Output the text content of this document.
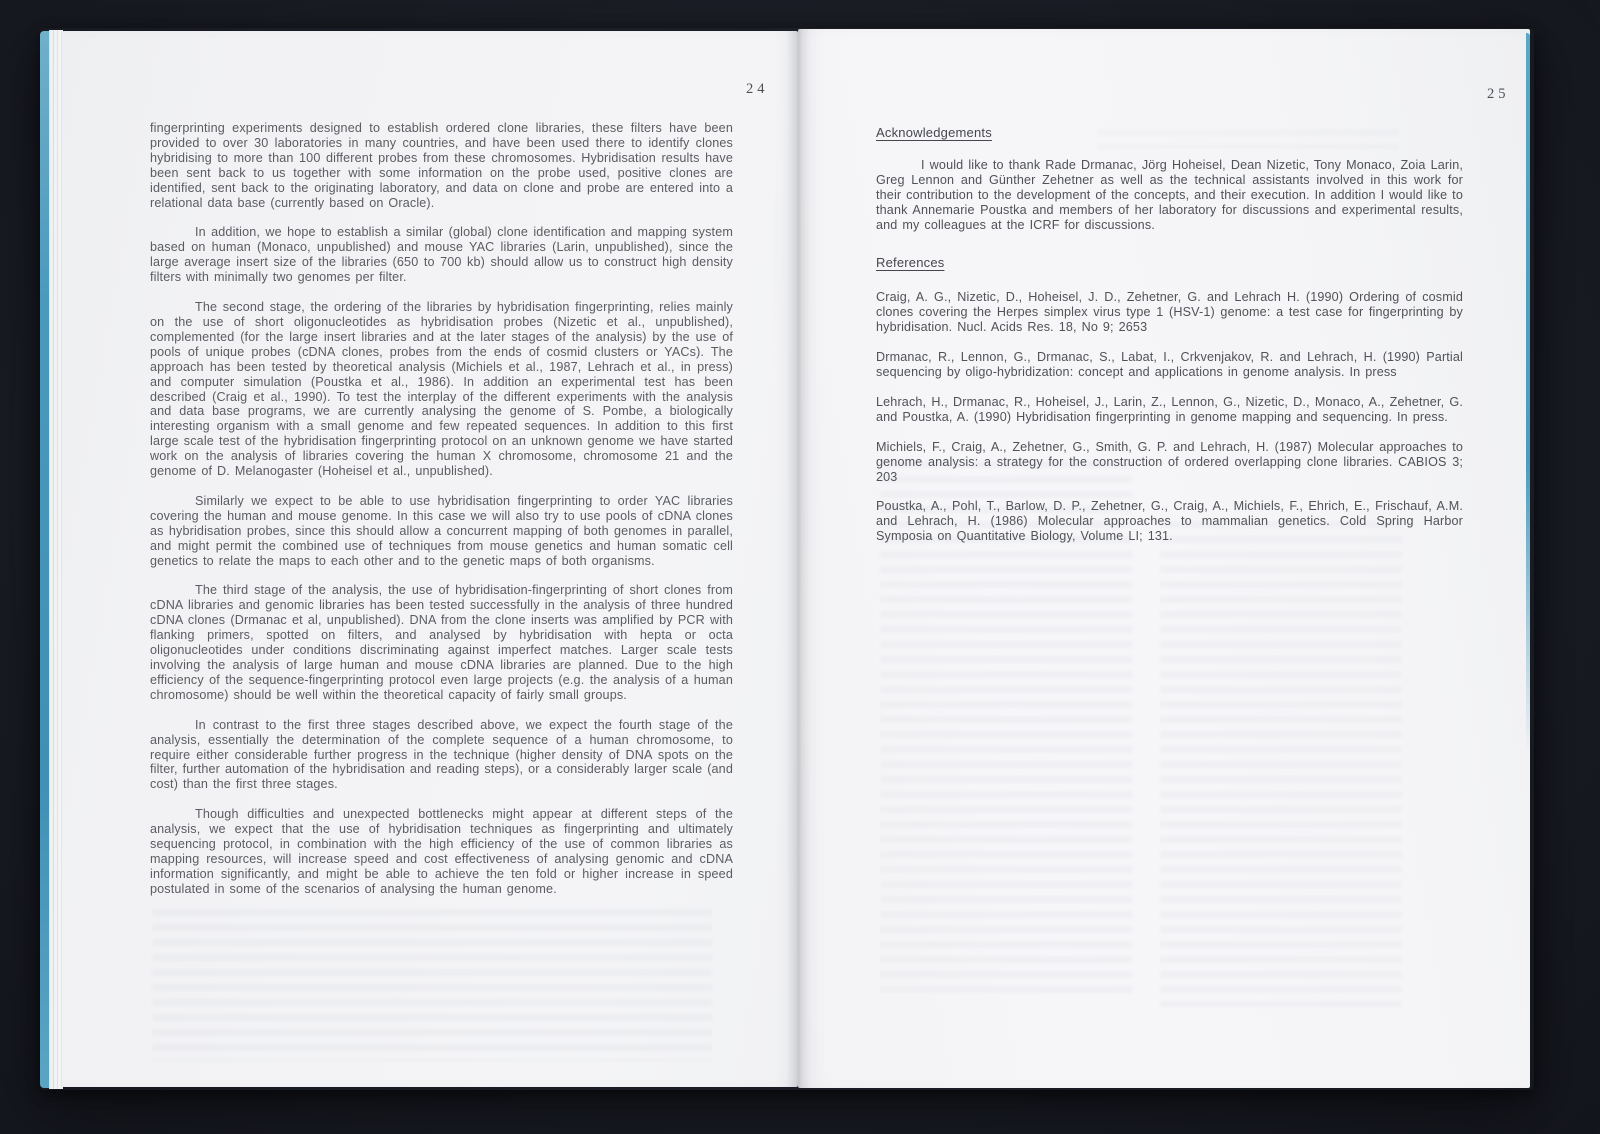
24

fingerprinting experiments designed to establish ordered clone libraries, these filters have been provided to over 30 laboratories in many countries, and have been used there to identify clones hybridising to more than 100 different probes from these chromosomes. Hybridisation results have been sent back to us together with some information on the probe used, positive clones are identified, sent back to the originating laboratory, and data on clone and probe are entered into a relational data base (currently based on Oracle).

In addition, we hope to establish a similar (global) clone identification and mapping system based on human (Monaco, unpublished) and mouse YAC libraries (Larin, unpublished), since the large average insert size of the libraries (650 to 700 kb) should allow us to construct high density filters with minimally two genomes per filter.

The second stage, the ordering of the libraries by hybridisation fingerprinting, relies mainly on the use of short oligonucleotides as hybridisation probes (Nizetic et al., unpublished), complemented (for the large insert libraries and at the later stages of the analysis) by the use of pools of unique probes (cDNA clones, probes from the ends of cosmid clusters or YACs). The approach has been tested by theoretical analysis (Michiels et al., 1987, Lehrach et al., in press) and computer simulation (Poustka et al., 1986). In addition an experimental test has been described (Craig et al., 1990). To test the interplay of the different experiments with the analysis and data base programs, we are currently analysing the genome of S. Pombe, a biologically interesting organism with a small genome and few repeated sequences. In addition to this first large scale test of the hybridisation fingerprinting protocol on an unknown genome we have started work on the analysis of libraries covering the human X chromosome, chromosome 21 and the genome of D. Melanogaster (Hoheisel et al., unpublished).

Similarly we expect to be able to use hybridisation fingerprinting to order YAC libraries covering the human and mouse genome. In this case we will also try to use pools of cDNA clones as hybridisation probes, since this should allow a concurrent mapping of both genomes in parallel, and might permit the combined use of techniques from mouse genetics and human somatic cell genetics to relate the maps to each other and to the genetic maps of both organisms.

The third stage of the analysis, the use of hybridisation-fingerprinting of short clones from cDNA libraries and genomic libraries has been tested successfully in the analysis of three hundred cDNA clones (Drmanac et al, unpublished). DNA from the clone inserts was amplified by PCR with flanking primers, spotted on filters, and analysed by hybridisation with hepta or octa oligonucleotides under conditions discriminating against imperfect matches. Larger scale tests involving the analysis of large human and mouse cDNA libraries are planned. Due to the high efficiency of the sequence-fingerprinting protocol even large projects (e.g. the analysis of a human chromosome) should be well within the theoretical capacity of fairly small groups.

In contrast to the first three stages described above, we expect the fourth stage of the analysis, essentially the determination of the complete sequence of a human chromosome, to require either considerable further progress in the technique (higher density of DNA spots on the filter, further automation of the hybridisation and reading steps), or a considerably larger scale (and cost) than the first three stages.

Though difficulties and unexpected bottlenecks might appear at different steps of the analysis, we expect that the use of hybridisation techniques as fingerprinting and ultimately sequencing protocol, in combination with the high efficiency of the use of common libraries as mapping resources, will increase speed and cost effectiveness of analysing genomic and cDNA information significantly, and might be able to achieve the ten fold or higher increase in speed postulated in some of the scenarios of analysing the human genome.

25

Acknowledgements

I would like to thank Rade Drmanac, Jörg Hoheisel, Dean Nizetic, Tony Monaco, Zoia Larin, Greg Lennon and Günther Zehetner as well as the technical assistants involved in this work for their contribution to the development of the concepts, and their execution. In addition I would like to thank Annemarie Poustka and members of her laboratory for discussions and experimental results, and my colleagues at the ICRF for discussions.

References

Craig, A. G., Nizetic, D., Hoheisel, J. D., Zehetner, G. and Lehrach H. (1990) Ordering of cosmid clones covering the Herpes simplex virus type 1 (HSV-1) genome: a test case for fingerprinting by hybridisation. Nucl. Acids Res. 18, No 9; 2653

Drmanac, R., Lennon, G., Drmanac, S., Labat, I., Crkvenjakov, R. and Lehrach, H. (1990) Partial sequencing by oligo-hybridization: concept and applications in genome analysis. In press

Lehrach, H., Drmanac, R., Hoheisel, J., Larin, Z., Lennon, G., Nizetic, D., Monaco, A., Zehetner, G. and Poustka, A. (1990) Hybridisation fingerprinting in genome mapping and sequencing. In press.

Michiels, F., Craig, A., Zehetner, G., Smith, G. P. and Lehrach, H. (1987) Molecular approaches to genome analysis: a strategy for the construction of ordered overlapping clone libraries. CABIOS 3; 203

Poustka, A., Pohl, T., Barlow, D. P., Zehetner, G., Craig, A., Michiels, F., Ehrich, E., Frischauf, A.M. and Lehrach, H. (1986) Molecular approaches to mammalian genetics. Cold Spring Harbor Symposia on Quantitative Biology, Volume LI; 131.
